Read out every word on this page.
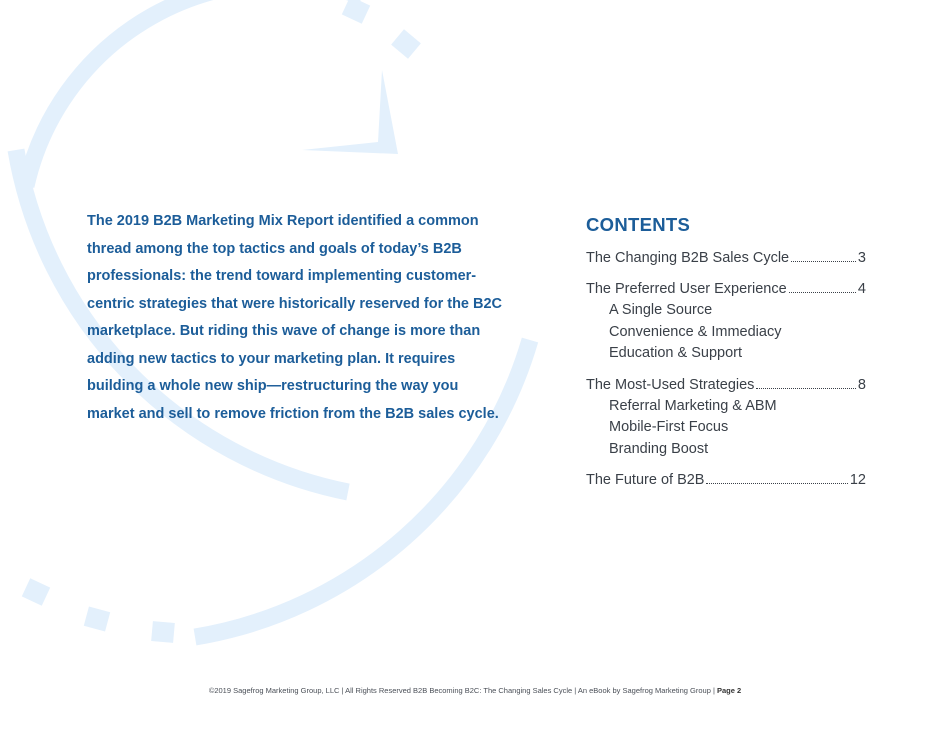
The 2019 B2B Marketing Mix Report identified a common thread among the top tactics and goals of today’s B2B professionals: the trend toward implementing customer-centric strategies that were historically reserved for the B2C marketplace. But riding this wave of change is more than adding new tactics to your marketing plan. It requires building a whole new ship—restructuring the way you market and sell to remove friction from the B2B sales cycle.

CONTENTS
The Changing B2B Sales Cycle	3
The Preferred User Experience	4
A Single Source
Convenience & Immediacy
Education & Support
The Most-Used Strategies	8
Referral Marketing & ABM
Mobile-First Focus
Branding Boost
The Future of B2B	12
©2019 Sagefrog Marketing Group, LLC | All Rights Reserved B2B Becoming B2C: The Changing Sales Cycle | An eBook by Sagefrog Marketing Group | Page 2
